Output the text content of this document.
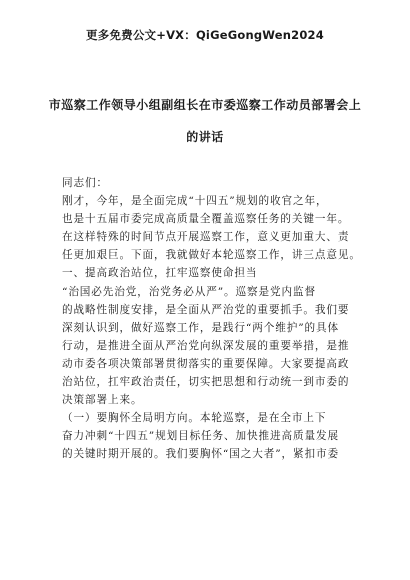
更多免费公文+VX：QiGeGongWen2024
市巡察工作领导小组副组长在市委巡察工作动员部署会上
的讲话

同志们：

刚才，今年，是全面完成“十四五”规划的收官之年，

也是十五届市委完成高质量全覆盖巡察任务的关键一年。

在这样特殊的时间节点开展巡察工作，意义更加重大、责

任更加艰巨。下面，我就做好本轮巡察工作，讲三点意见。

一、提高政治站位，扛牢巡察使命担当

“治国必先治党，治党务必从严”。巡察是党内监督

的战略性制度安排，是全面从严治党的重要抓手。我们要

深刻认识到，做好巡察工作，是践行“两个维护”的具体

行动，是推进全面从严治党向纵深发展的重要举措，是推

动市委各项决策部署贯彻落实的重要保障。大家要提高政

治站位，扛牢政治责任，切实把思想和行动统一到市委的

决策部署上来。

（一）要胸怀全局明方向。本轮巡察，是在全市上下

奋力冲刺“十四五”规划目标任务、加快推进高质量发展

的关键时期开展的。我们要胸怀“国之大者”，紧扣市委
